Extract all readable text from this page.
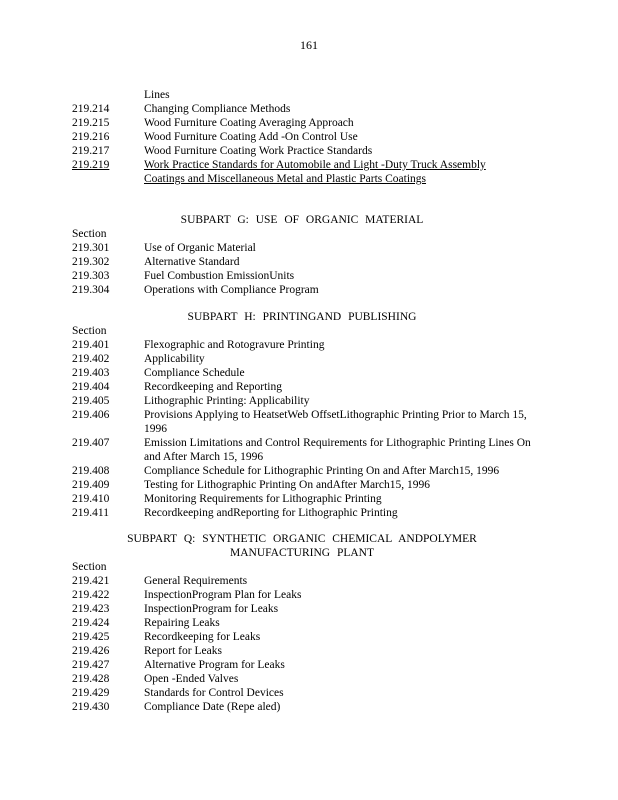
161
Lines
219.214	Changing Compliance Methods
219.215	Wood Furniture Coating Averaging Approach
219.216	Wood Furniture Coating Add -On Control Use
219.217	Wood Furniture Coating Work Practice Standards
219.219	Work Practice Standards for Automobile and Light -Duty Truck Assembly Coatings and Miscellaneous Metal and Plastic Parts Coatings
SUBPART G: USE OF ORGANIC MATERIAL
Section
219.301	Use of Organic Material
219.302	Alternative Standard
219.303	Fuel Combustion EmissionUnits
219.304	Operations with Compliance Program
SUBPART H: PRINTINGAND PUBLISHING
Section
219.401	Flexographic and Rotogravure Printing
219.402	Applicability
219.403	Compliance Schedule
219.404	Recordkeeping and Reporting
219.405	Lithographic Printing: Applicability
219.406	Provisions Applying to HeatsetWeb OffsetLithographic Printing Prior to March 15, 1996
219.407	Emission Limitations and Control Requirements for Lithographic Printing Lines On and After March 15, 1996
219.408	Compliance Schedule for Lithographic Printing On and After March15, 1996
219.409	Testing for Lithographic Printing On andAfter March15, 1996
219.410	Monitoring Requirements for Lithographic Printing
219.411	Recordkeeping andReporting for Lithographic Printing
SUBPART Q: SYNTHETIC ORGANIC CHEMICAL ANDPOLYMER
MANUFACTURING PLANT
Section
219.421	General Requirements
219.422	InspectionProgram Plan for Leaks
219.423	InspectionProgram for Leaks
219.424	Repairing Leaks
219.425	Recordkeeping for Leaks
219.426	Report for Leaks
219.427	Alternative Program for Leaks
219.428	Open -Ended Valves
219.429	Standards for Control Devices
219.430	Compliance Date (Repe aled)
